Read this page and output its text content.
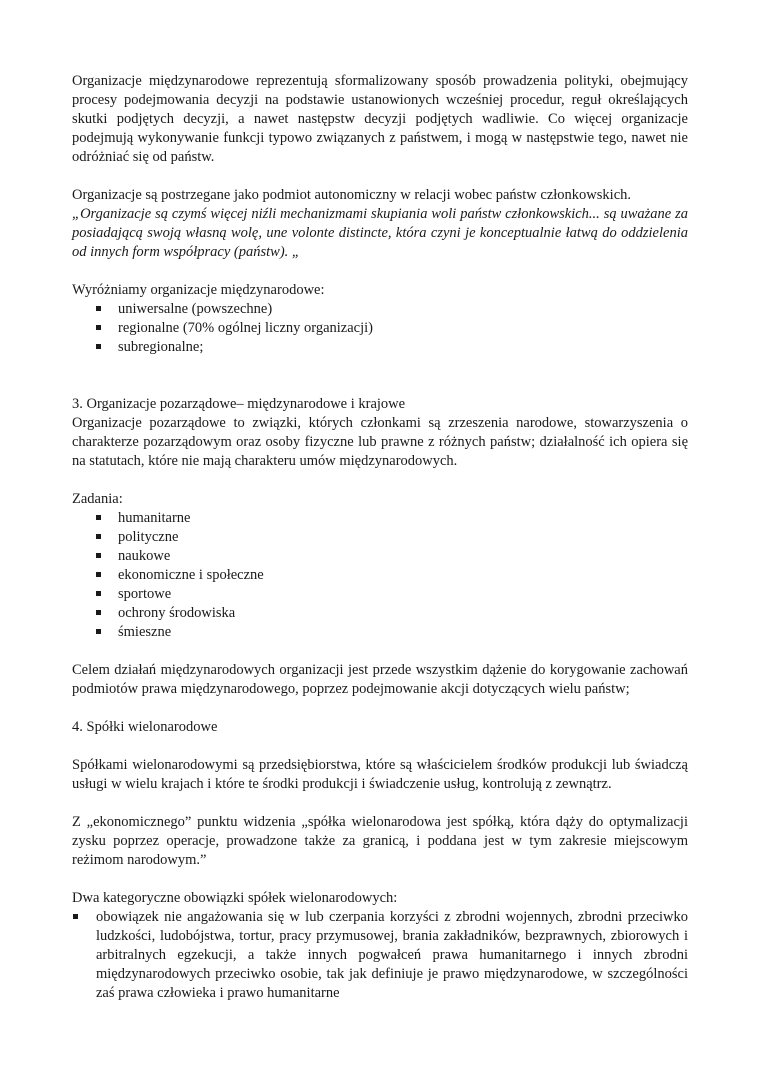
Organizacje międzynarodowe reprezentują sformalizowany sposób prowadzenia polityki, obejmujący procesy podejmowania decyzji na podstawie ustanowionych wcześniej procedur, reguł określających skutki podjętych decyzji, a nawet następstw decyzji podjętych wadliwie. Co więcej organizacje podejmują wykonywanie funkcji typowo związanych z państwem, i mogą w następstwie tego, nawet nie odróżniać się od państw.

Organizacje są postrzegane jako podmiot autonomiczny w relacji wobec państw członkowskich.
„Organizacje są czymś więcej niźli mechanizmami skupiania woli państw członkowskich... są uważane za posiadającą swoją własną wolę, une volonte distincte, która czyni je konceptualnie łatwą do oddzielenia od innych form współpracy (państw). „

Wyróżniamy organizacje międzynarodowe:

uniwersalne (powszechne)
regionalne (70% ogólnej liczny organizacji)
subregionalne;

3. Organizacje pozarządowe– międzynarodowe i krajowe

Organizacje pozarządowe to związki, których członkami są zrzeszenia narodowe, stowarzyszenia o charakterze pozarządowym oraz osoby fizyczne lub prawne z różnych państw; działalność ich opiera się na statutach, które nie mają charakteru umów międzynarodowych.

Zadania:

humanitarne
polityczne
naukowe
ekonomiczne i społeczne
sportowe
ochrony środowiska
śmieszne

Celem działań międzynarodowych organizacji jest przede wszystkim dążenie do korygowanie zachowań podmiotów prawa międzynarodowego, poprzez podejmowanie akcji dotyczących wielu państw;

4. Spółki wielonarodowe

Spółkami wielonarodowymi są przedsiębiorstwa, które są właścicielem środków produkcji lub świadczą usługi w wielu krajach i które te środki produkcji i świadczenie usług, kontrolują z zewnątrz.

Z „ekonomicznego” punktu widzenia „spółka wielonarodowa jest spółką, która dąży do optymalizacji zysku poprzez operacje, prowadzone także za granicą, i poddana jest w tym zakresie miejscowym reżimom narodowym.”

Dwa kategoryczne obowiązki spółek wielonarodowych:

obowiązek nie angażowania się w lub czerpania korzyści z zbrodni wojennych, zbrodni przeciwko ludzkości, ludobójstwa, tortur, pracy przymusowej, brania zakładników, bezprawnych, zbiorowych i arbitralnych egzekucji, a także innych pogwałceń prawa humanitarnego i innych zbrodni międzynarodowych przeciwko osobie, tak jak definiuje je prawo międzynarodowe, w szczególności zaś prawa człowieka i prawo humanitarne
